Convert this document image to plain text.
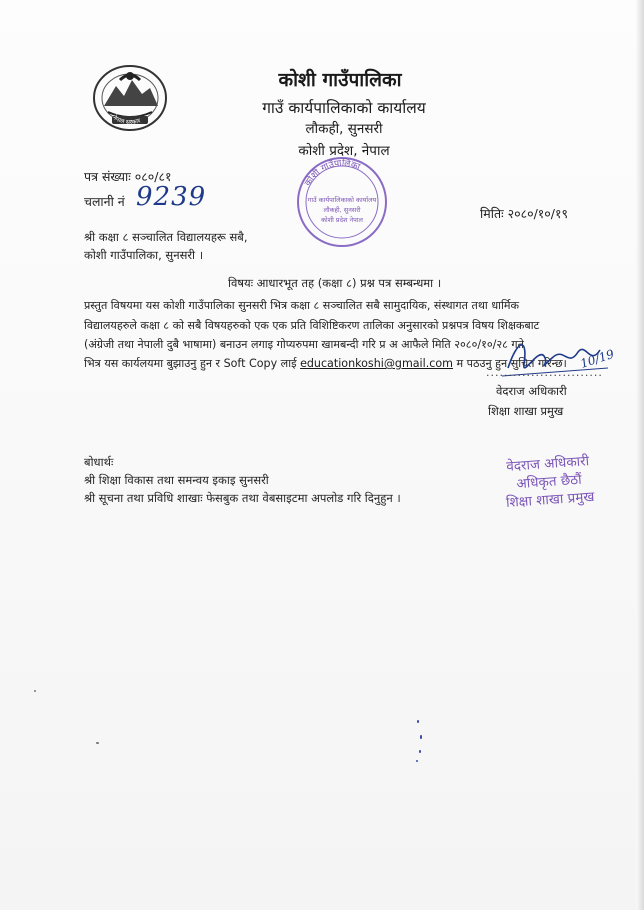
नेपाल सरकार
कोशी गाउँपालिका
गाउँ कार्यपालिकाको कार्यालय
लौकही, सुनसरी
कोशी प्रदेश, नेपाल
कोशी गाउँपालिका
गाउँ कार्यपालिकाको कार्यालय
लौकही, सुनसरी
कोशी प्रदेश नेपाल
पत्र संख्याः ०८०/८१
चलानी नं 9239
मितिः २०८०/१०/१९
श्री कक्षा ८ सञ्चालित विद्यालयहरू सबै,
कोशी गाउँपालिका, सुनसरी ।
विषयः आधारभूत तह (कक्षा ८) प्रश्न पत्र सम्बन्धमा ।
प्रस्तुत विषयमा यस कोशी गाउँपालिका सुनसरी भित्र कक्षा ८ सञ्चालित सबै सामुदायिक, संस्थागत तथा धार्मिक
विद्यालयहरुले कक्षा ८ को सबै विषयहरुको एक एक प्रति विशिष्टिकरण तालिका अनुसारको प्रश्नपत्र विषय शिक्षकबाट
(अंग्रेजी तथा नेपाली दुबै भाषामा) बनाउन लगाइ गोप्यरुपमा खामबन्दी गरि प्र अ आफैले मिति २०८०/१०/२८ गते
भित्र यस कार्यलयमा बुझाउनु हुन र Soft Copy लाई educationkoshi@gmail.com म पठउनु हुन सुचित गरिन्छ। 10/19
..........................
वेदराज अधिकारी
शिक्षा शाखा प्रमुख
वेदराज अधिकारी
अधिकृत छैठौं
शिक्षा शाखा प्रमुख
बोधार्थः
श्री शिक्षा विकास तथा समन्वय इकाइ सुनसरी
श्री सूचना तथा प्रविधि शाखाः फेसबुक तथा वेबसाइटमा अपलोड गरि दिनुहुन ।
